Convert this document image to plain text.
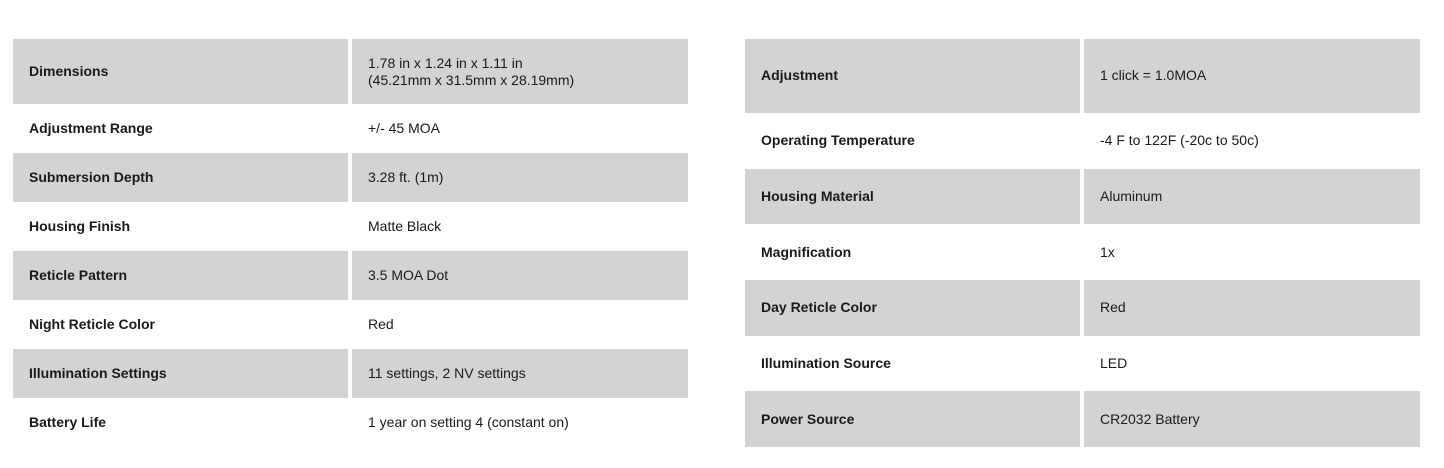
Dimensions	1.78 in x 1.24 in x 1.11 in
(45.21mm x 31.5mm x 28.19mm)
Adjustment Range	+/- 45 MOA
Submersion Depth	3.28 ft. (1m)
Housing Finish	Matte Black
Reticle Pattern	3.5 MOA Dot
Night Reticle Color	Red
Illumination Settings	11 settings, 2 NV settings
Battery Life	1 year on setting 4 (constant on)
Adjustment	1 click = 1.0MOA
Operating Temperature	-4 F to 122F (-20c to 50c)
Housing Material	Aluminum
Magnification	1x
Day Reticle Color	Red
Illumination Source	LED
Power Source	CR2032 Battery
